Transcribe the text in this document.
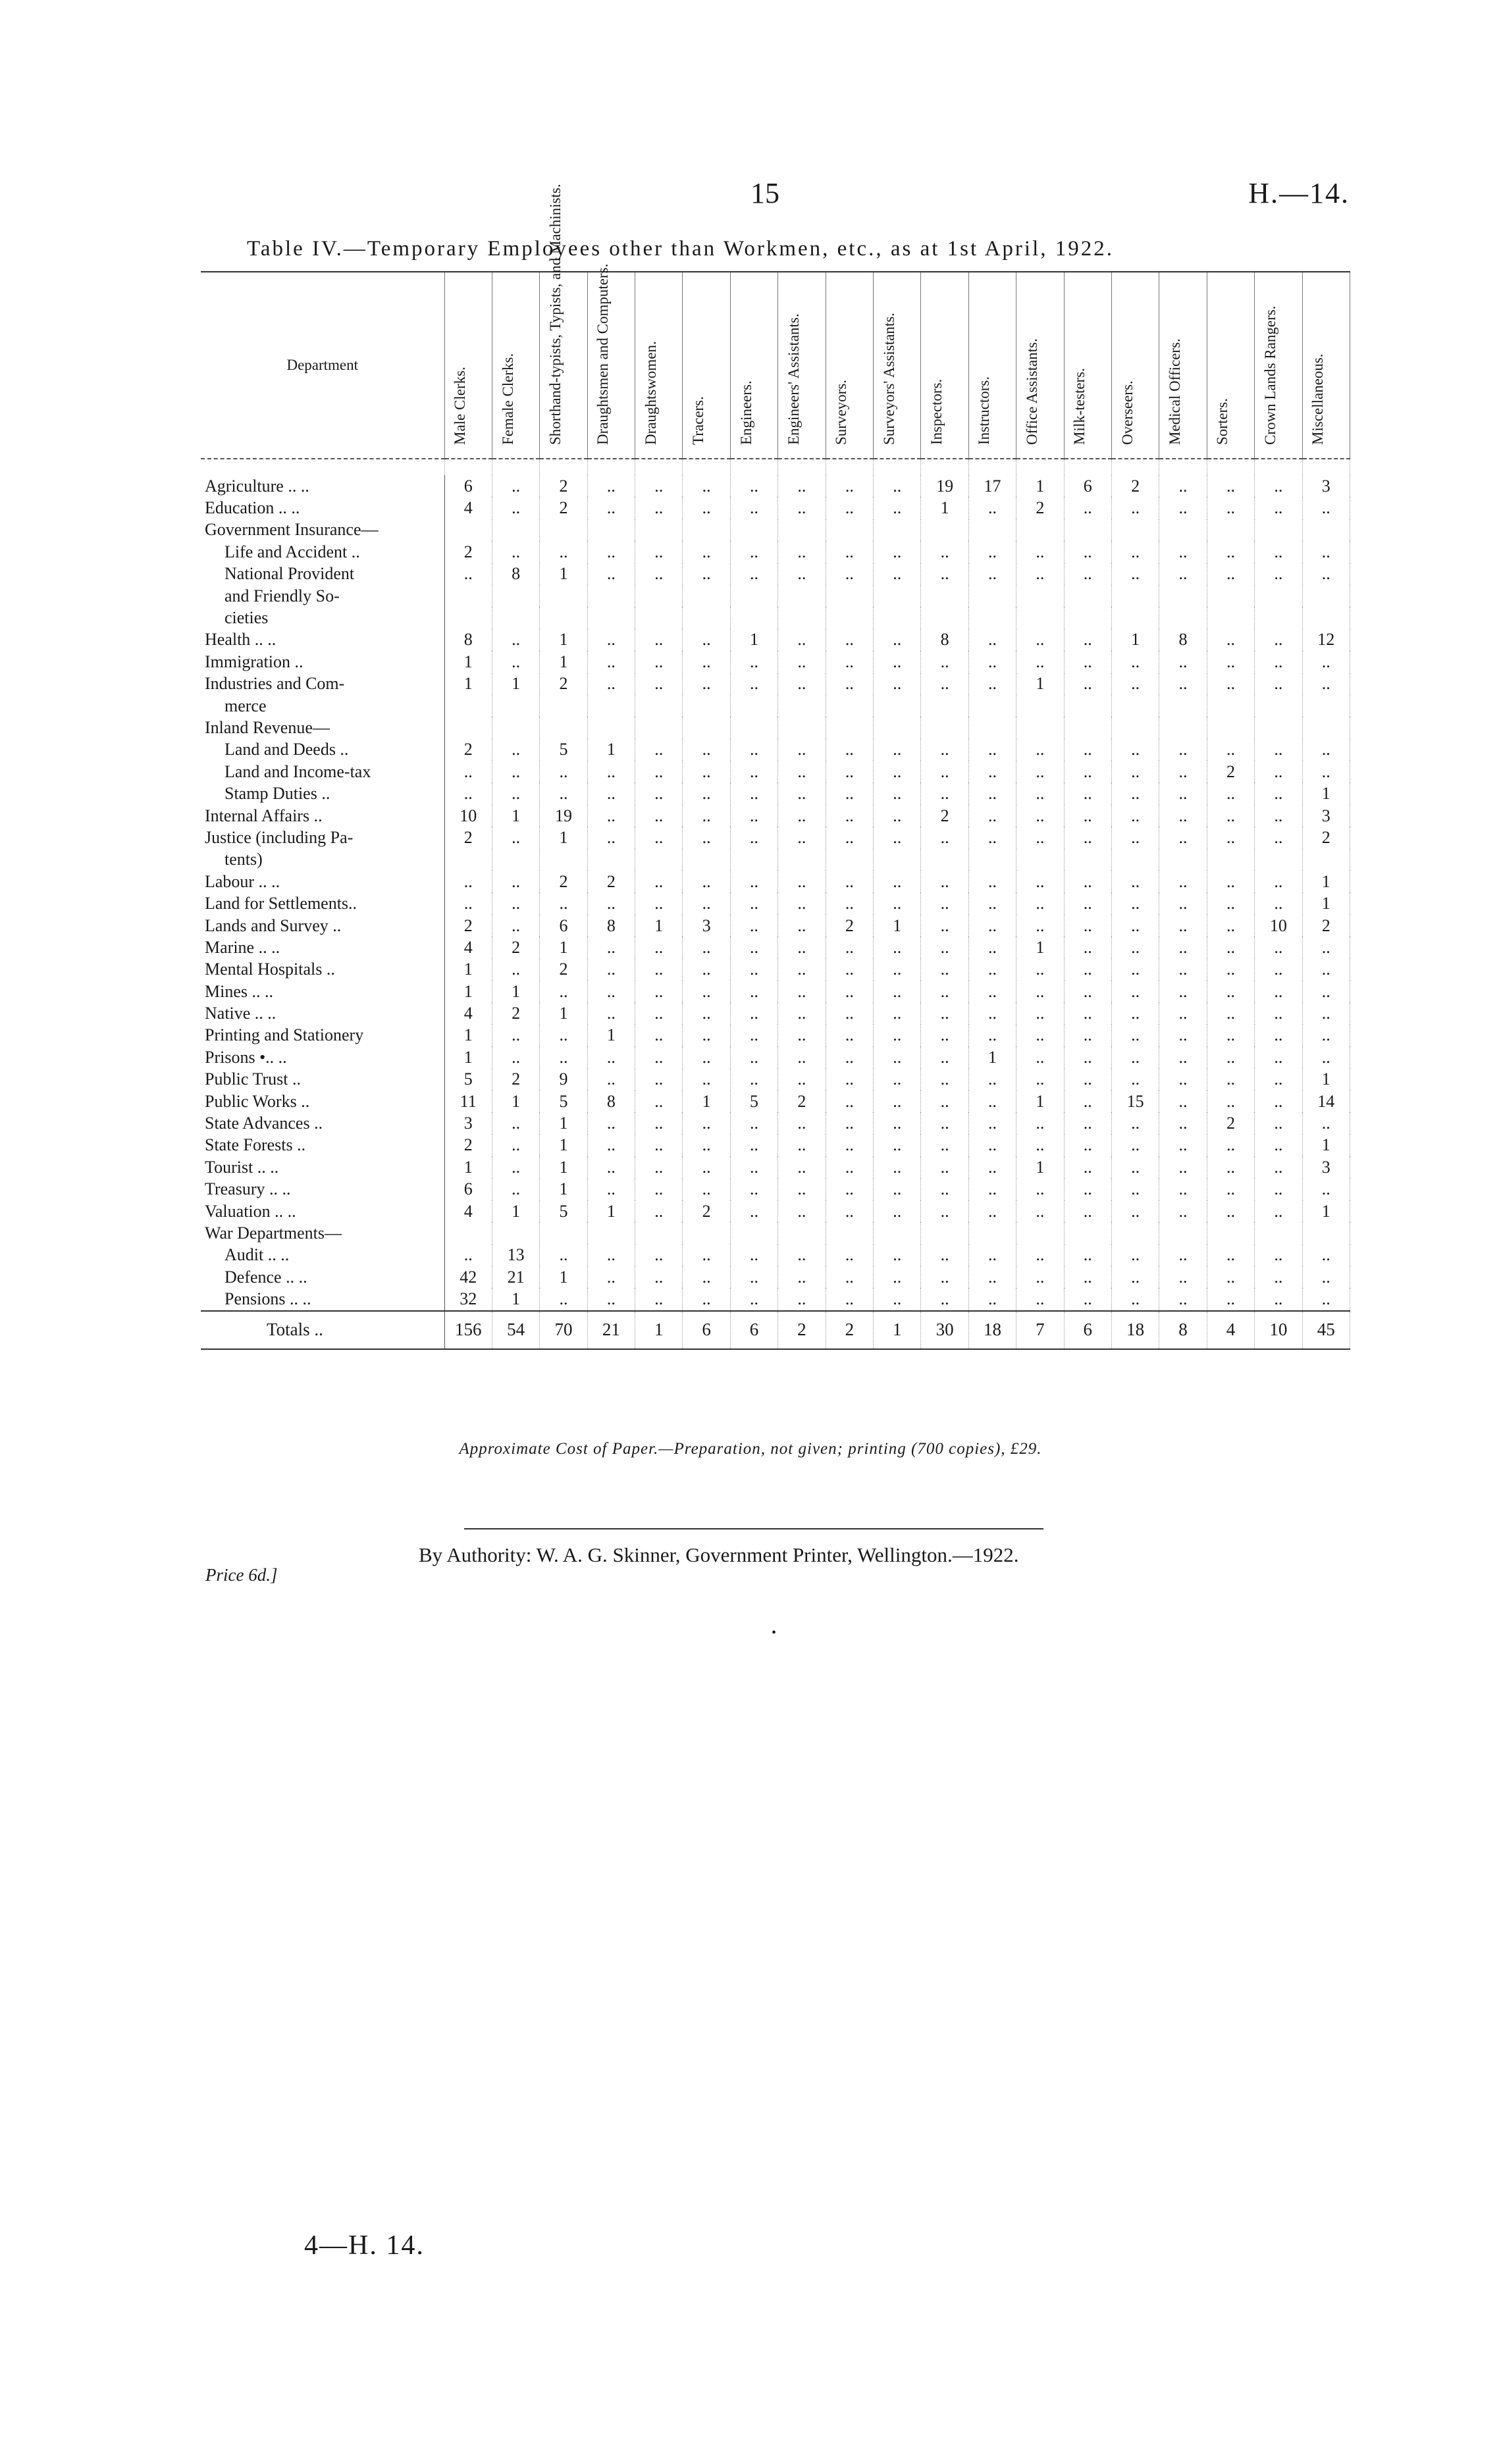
15	H.—14.
Table IV.—Temporary Employees other than Workmen, etc., as at 1st April, 1922.
Department	Male Clerks.	Female Clerks.	Shorthand-typists, Typists, and Machinists.	Draughtsmen and Computers.	Draughtswomen.	Tracers.	Engineers.	Engineers' Assistants.	Surveyors.	Surveyors' Assistants.	Inspectors.	Instructors.	Office Assistants.	Milk-testers.	Overseers.	Medical Officers.	Sorters.	Crown Lands Rangers.	Miscellaneous.

Agriculture .. ..	6	..	2	..	..	..	..	..	..	..	19	17	1	6	2	..	..	..	3
Education .. ..	4	..	2	..	..	..	..	..	..	..	1	..	2	..	..	..	..	..	..
Government Insurance—																			
Life and Accident ..	2	..	..	..	..	..	..	..	..	..	..	..	..	..	..	..	..	..	..
National Provident	..	8	1	..	..	..	..	..	..	..	..	..	..	..	..	..	..	..	..
and Friendly So-																			
cieties																			
Health .. ..	8	..	1	..	..	..	1	..	..	..	8	..	..	..	1	8	..	..	12
Immigration ..	1	..	1	..	..	..	..	..	..	..	..	..	..	..	..	..	..	..	..
Industries and Com-	1	1	2	..	..	..	..	..	..	..	..	..	1	..	..	..	..	..	..
merce																			
Inland Revenue—																			
Land and Deeds ..	2	..	5	1	..	..	..	..	..	..	..	..	..	..	..	..	..	..	..
Land and Income-tax	..	..	..	..	..	..	..	..	..	..	..	..	..	..	..	..	2	..	..
Stamp Duties ..	..	..	..	..	..	..	..	..	..	..	..	..	..	..	..	..	..	..	1
Internal Affairs ..	10	1	19	..	..	..	..	..	..	..	2	..	..	..	..	..	..	..	3
Justice (including Pa-	2	..	1	..	..	..	..	..	..	..	..	..	..	..	..	..	..	..	2
tents)																			
Labour .. ..	..	..	2	2	..	..	..	..	..	..	..	..	..	..	..	..	..	..	1
Land for Settlements..	..	..	..	..	..	..	..	..	..	..	..	..	..	..	..	..	..	..	1
Lands and Survey ..	2	..	6	8	1	3	..	..	2	1	..	..	..	..	..	..	..	10	2
Marine .. ..	4	2	1	..	..	..	..	..	..	..	..	..	1	..	..	..	..	..	..
Mental Hospitals ..	1	..	2	..	..	..	..	..	..	..	..	..	..	..	..	..	..	..	..
Mines .. ..	1	1	..	..	..	..	..	..	..	..	..	..	..	..	..	..	..	..	..
Native .. ..	4	2	1	..	..	..	..	..	..	..	..	..	..	..	..	..	..	..	..
Printing and Stationery	1	..	..	1	..	..	..	..	..	..	..	..	..	..	..	..	..	..	..
Prisons •.. ..	1	..	..	..	..	..	..	..	..	..	..	1	..	..	..	..	..	..	..
Public Trust ..	5	2	9	..	..	..	..	..	..	..	..	..	..	..	..	..	..	..	1
Public Works ..	11	1	5	8	..	1	5	2	..	..	..	..	1	..	15	..	..	..	14
State Advances ..	3	..	1	..	..	..	..	..	..	..	..	..	..	..	..	..	2	..	..
State Forests ..	2	..	1	..	..	..	..	..	..	..	..	..	..	..	..	..	..	..	1
Tourist .. ..	1	..	1	..	..	..	..	..	..	..	..	..	1	..	..	..	..	..	3
Treasury .. ..	6	..	1	..	..	..	..	..	..	..	..	..	..	..	..	..	..	..	..
Valuation .. ..	4	1	5	1	..	2	..	..	..	..	..	..	..	..	..	..	..	..	1
War Departments—																			
Audit .. ..	..	13	..	..	..	..	..	..	..	..	..	..	..	..	..	..	..	..	..
Defence .. ..	42	21	1	..	..	..	..	..	..	..	..	..	..	..	..	..	..	..	..
Pensions .. ..	32	1	..	..	..	..	..	..	..	..	..	..	..	..	..	..	..	..	..
Totals ..	156	54	70	21	1	6	6	2	2	1	30	18	7	6	18	8	4	10	45
Approximate Cost of Paper.—Preparation, not given; printing (700 copies), £29.
By Authority: W. A. G. Skinner, Government Printer, Wellington.—1922.
Price 6d.]
•
4—H. 14.
